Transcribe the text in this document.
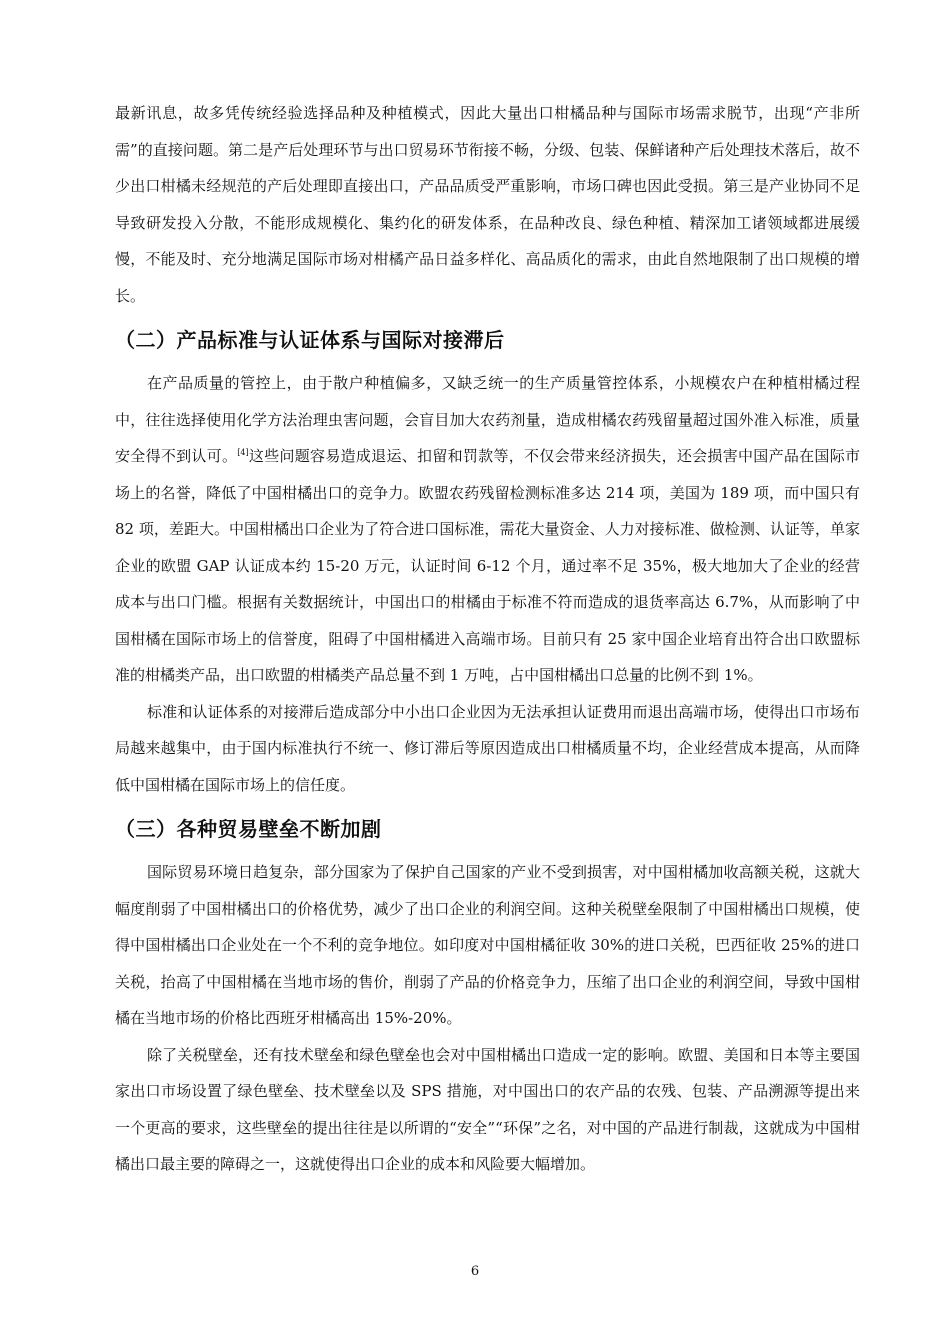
最新讯息，故多凭传统经验选择品种及种植模式，因此大量出口柑橘品种与国际市场需求脱节，出现“产非所需”的直接问题。第二是产后处理环节与出口贸易环节衔接不畅，分级、包装、保鲜诸种产后处理技术落后，故不少出口柑橘未经规范的产后处理即直接出口，产品品质受严重影响，市场口碑也因此受损。第三是产业协同不足导致研发投入分散，不能形成规模化、集约化的研发体系，在品种改良、绿色种植、精深加工诸领域都进展缓慢，不能及时、充分地满足国际市场对柑橘产品日益多样化、高品质化的需求，由此自然地限制了出口规模的增长。

（二）产品标准与认证体系与国际对接滞后

在产品质量的管控上，由于散户种植偏多，又缺乏统一的生产质量管控体系，小规模农户在种植柑橘过程中，往往选择使用化学方法治理虫害问题，会盲目加大农药剂量，造成柑橘农药残留量超过国外准入标准，质量安全得不到认可。[4]这些问题容易造成退运、扣留和罚款等，不仅会带来经济损失，还会损害中国产品在国际市场上的名誉，降低了中国柑橘出口的竞争力。欧盟农药残留检测标准多达 214 项，美国为 189 项，而中国只有 82 项，差距大。中国柑橘出口企业为了符合进口国标准，需花大量资金、人力对接标准、做检测、认证等，单家企业的欧盟 GAP 认证成本约 15-20 万元，认证时间 6-12 个月，通过率不足 35%，极大地加大了企业的经营成本与出口门槛。根据有关数据统计，中国出口的柑橘由于标准不符而造成的退货率高达 6.7%，从而影响了中国柑橘在国际市场上的信誉度，阻碍了中国柑橘进入高端市场。目前只有 25 家中国企业培育出符合出口欧盟标准的柑橘类产品，出口欧盟的柑橘类产品总量不到 1 万吨，占中国柑橘出口总量的比例不到 1%。

标准和认证体系的对接滞后造成部分中小出口企业因为无法承担认证费用而退出高端市场，使得出口市场布局越来越集中，由于国内标准执行不统一、修订滞后等原因造成出口柑橘质量不均，企业经营成本提高，从而降低中国柑橘在国际市场上的信任度。

（三）各种贸易壁垒不断加剧

国际贸易环境日趋复杂，部分国家为了保护自己国家的产业不受到损害，对中国柑橘加收高额关税，这就大幅度削弱了中国柑橘出口的价格优势，减少了出口企业的利润空间。这种关税壁垒限制了中国柑橘出口规模，使得中国柑橘出口企业处在一个不利的竞争地位。如印度对中国柑橘征收 30%的进口关税，巴西征收 25%的进口关税，抬高了中国柑橘在当地市场的售价，削弱了产品的价格竞争力，压缩了出口企业的利润空间，导致中国柑橘在当地市场的价格比西班牙柑橘高出 15%-20%。

除了关税壁垒，还有技术壁垒和绿色壁垒也会对中国柑橘出口造成一定的影响。欧盟、美国和日本等主要国家出口市场设置了绿色壁垒、技术壁垒以及 SPS 措施，对中国出口的农产品的农残、包装、产品溯源等提出来一个更高的要求，这些壁垒的提出往往是以所谓的“安全”“环保”之名，对中国的产品进行制裁，这就成为中国柑橘出口最主要的障碍之一，这就使得出口企业的成本和风险要大幅增加。

6
